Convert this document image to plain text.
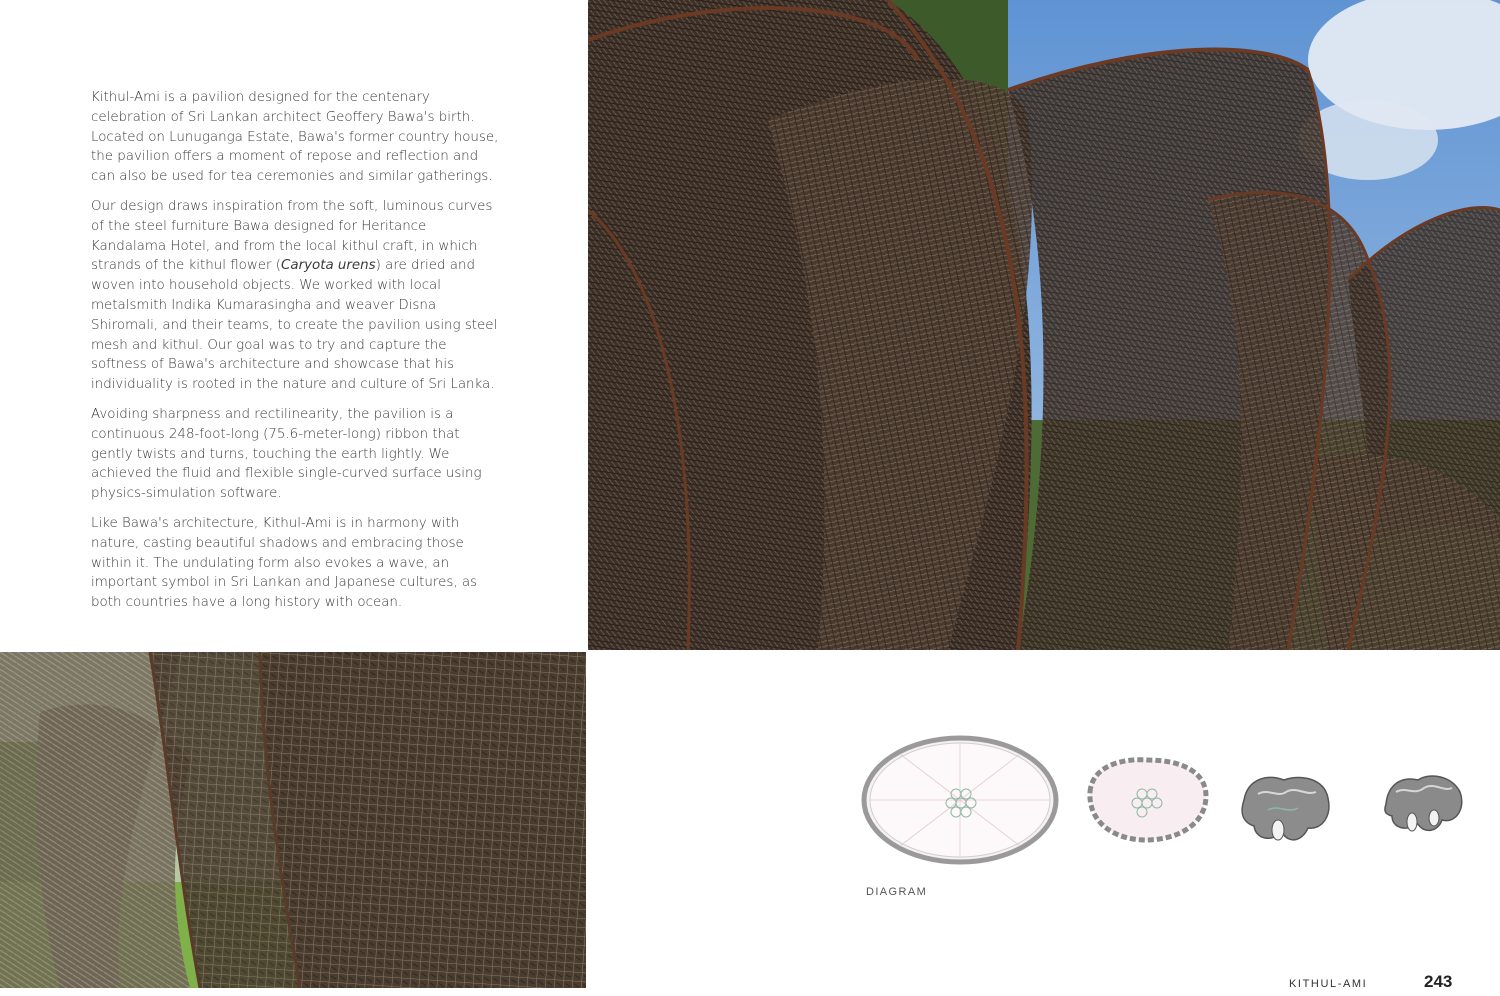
Kithul-Ami is a pavilion designed for the centenary celebration of Sri Lankan architect Geoffery Bawa's birth. Located on Lunuganga Estate, Bawa's former country house, the pavilion offers a moment of repose and reflection and can also be used for tea ceremonies and similar gatherings.

Our design draws inspiration from the soft, luminous curves of the steel furniture Bawa designed for Heritance Kandalama Hotel, and from the local kithul craft, in which strands of the kithul flower (Caryota urens) are dried and woven into household objects. We worked with local metalsmith Indika Kumarasingha and weaver Disna Shiromali, and their teams, to create the pavilion using steel mesh and kithul. Our goal was to try and capture the softness of Bawa's architecture and showcase that his individuality is rooted in the nature and culture of Sri Lanka.

Avoiding sharpness and rectilinearity, the pavilion is a continuous 248-foot-long (75.6-meter-long) ribbon that gently twists and turns, touching the earth lightly. We achieved the fluid and flexible single-curved surface using physics-simulation software.

Like Bawa's architecture, Kithul-Ami is in harmony with nature, casting beautiful shadows and embracing those within it. The undulating form also evokes a wave, an important symbol in Sri Lankan and Japanese cultures, as both countries have a long history with ocean.

DIAGRAM
KITHUL-AMI	243
